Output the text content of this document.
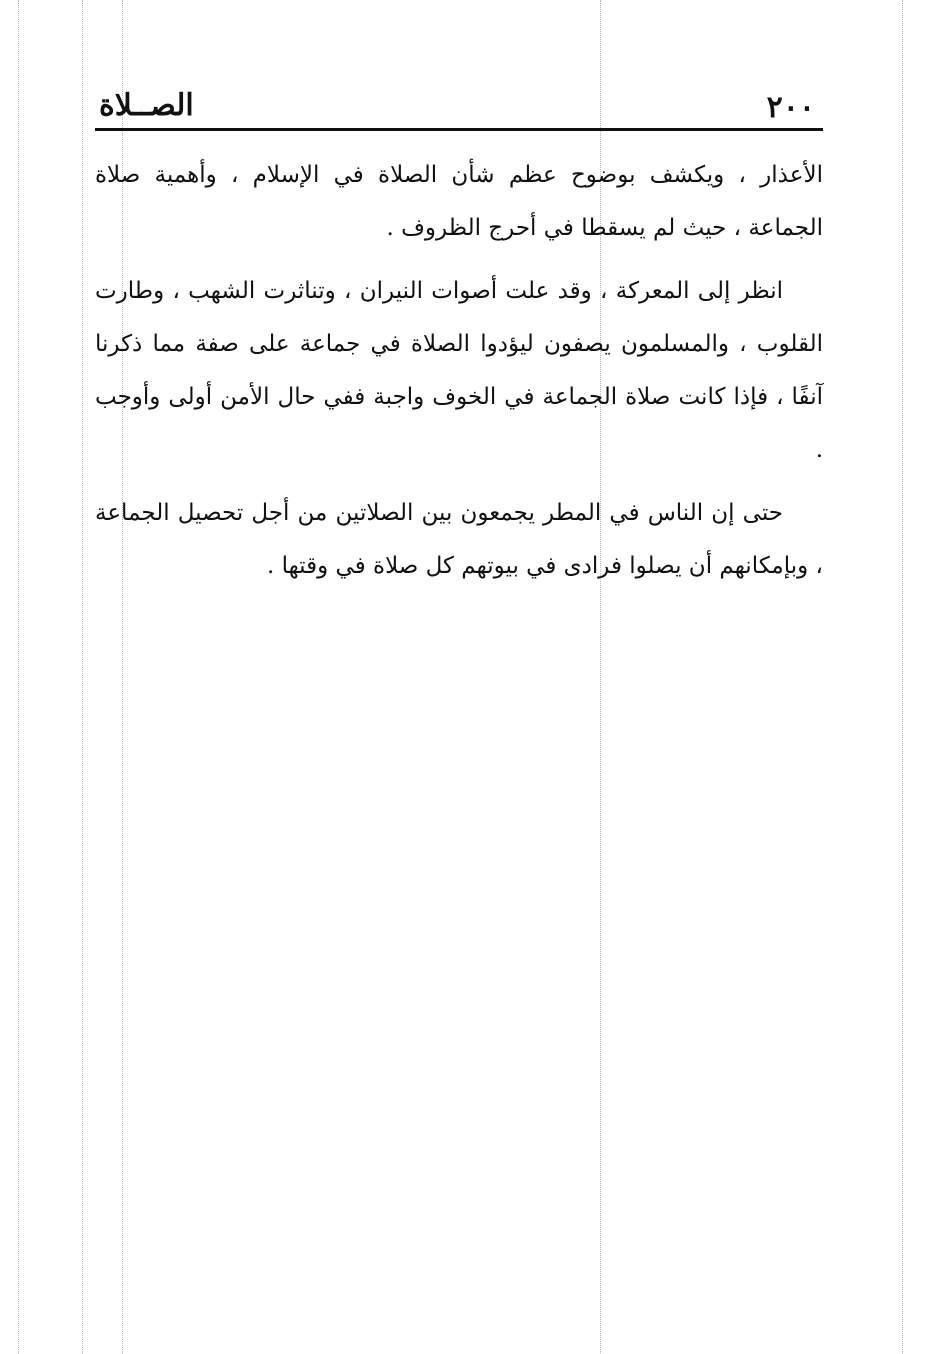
٢٠٠
الصــلاة

الأعذار ، ويكشف بوضوح عظم شأن الصلاة في الإسلام ، وأهمية صلاة الجماعة ، حيث لم يسقطا في أحرج الظروف .

انظر إلى المعركة ، وقد علت أصوات النيران ، وتناثرت الشهب ، وطارت القلوب ، والمسلمون يصفون ليؤدوا الصلاة في جماعة على صفة مما ذكرنا آنفًا ، فإذا كانت صلاة الجماعة في الخوف واجبة ففي حال الأمن أولى وأوجب .

حتى إن الناس في المطر يجمعون بين الصلاتين من أجل تحصيل الجماعة ، وبإمكانهم أن يصلوا فرادى في بيوتهم كل صلاة في وقتها .
